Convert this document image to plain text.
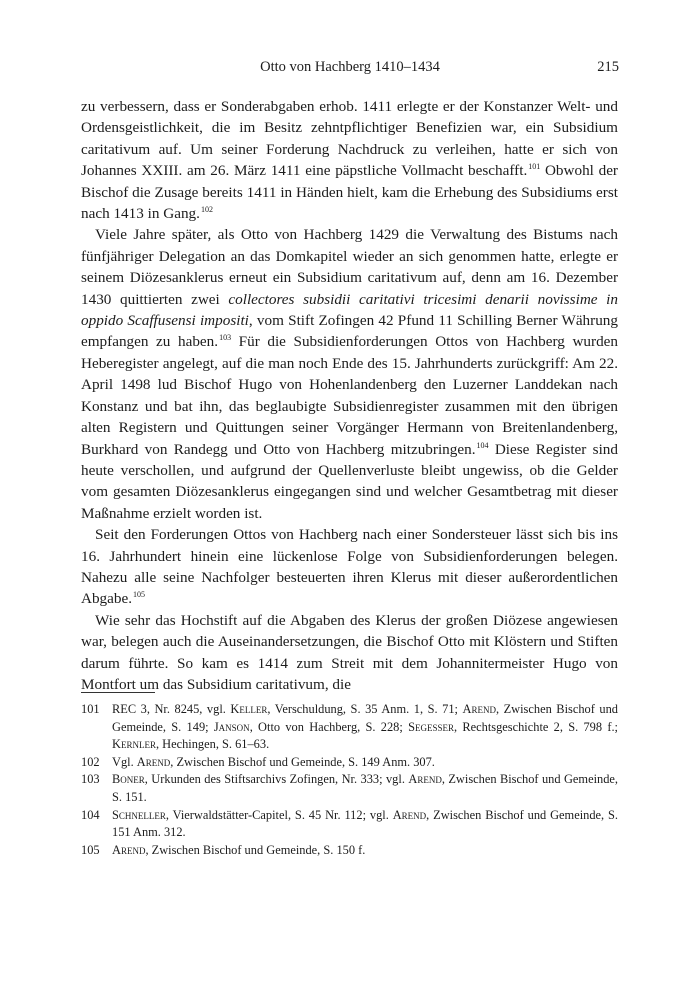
Otto von Hachberg 1410–1434	215

zu verbessern, dass er Sonderabgaben erhob. 1411 erlegte er der Konstanzer Welt- und Ordensgeistlichkeit, die im Besitz zehntpflichtiger Benefizien war, ein Subsidium caritativum auf. Um seiner Forderung Nachdruck zu verleihen, hatte er sich von Johannes XXIII. am 26. März 1411 eine päpstliche Vollmacht beschafft.$^{101}$ Obwohl der Bischof die Zusage bereits 1411 in Händen hielt, kam die Erhebung des Subsidiums erst nach 1413 in Gang.$^{102}$

Viele Jahre später, als Otto von Hachberg 1429 die Verwaltung des Bistums nach fünfjähriger Delegation an das Domkapitel wieder an sich genommen hatte, erlegte er seinem Diözesanklerus erneut ein Subsidium caritativum auf, denn am 16. Dezember 1430 quittierten zwei collectores subsidii caritativi tricesimi denarii novissime in oppido Scaffusensi impositi, vom Stift Zofingen 42 Pfund 11 Schilling Berner Währung empfangen zu haben.$^{103}$ Für die Subsidienforderungen Ottos von Hachberg wurden Heberegister angelegt, auf die man noch Ende des 15. Jahrhunderts zurückgriff: Am 22. April 1498 lud Bischof Hugo von Hohenlandenberg den Luzerner Landdekan nach Konstanz und bat ihn, das beglaubigte Subsidienregister zusammen mit den übrigen alten Registern und Quittungen seiner Vorgänger Hermann von Breitenlandenberg, Burkhard von Randegg und Otto von Hachberg mitzubringen.$^{104}$ Diese Register sind heute verschollen, und aufgrund der Quellenverluste bleibt ungewiss, ob die Gelder vom gesamten Diözesanklerus eingegangen sind und welcher Gesamtbetrag mit dieser Maßnahme erzielt worden ist.

Seit den Forderungen Ottos von Hachberg nach einer Sondersteuer lässt sich bis ins 16. Jahrhundert hinein eine lückenlose Folge von Subsidienforderungen belegen. Nahezu alle seine Nachfolger besteuerten ihren Klerus mit dieser außerordentlichen Abgabe.$^{105}$

Wie sehr das Hochstift auf die Abgaben des Klerus der großen Diözese angewiesen war, belegen auch die Auseinandersetzungen, die Bischof Otto mit Klöstern und Stiften darum führte. So kam es 1414 zum Streit mit dem Johannitermeister Hugo von Montfort um das Subsidium caritativum, die

101 REC 3, Nr. 8245, vgl. Keller, Verschuldung, S. 35 Anm. 1, S. 71; Arend, Zwischen Bischof und Gemeinde, S. 149; Janson, Otto von Hachberg, S. 228; Segesser, Rechtsgeschichte 2, S. 798 f.; Kernler, Hechingen, S. 61–63.
102 Vgl. Arend, Zwischen Bischof und Gemeinde, S. 149 Anm. 307.
103 Boner, Urkunden des Stiftsarchivs Zofingen, Nr. 333; vgl. Arend, Zwischen Bischof und Gemeinde, S. 151.
104 Schneller, Vierwaldstätter-Capitel, S. 45 Nr. 112; vgl. Arend, Zwischen Bischof und Gemeinde, S. 151 Anm. 312.
105 Arend, Zwischen Bischof und Gemeinde, S. 150 f.
